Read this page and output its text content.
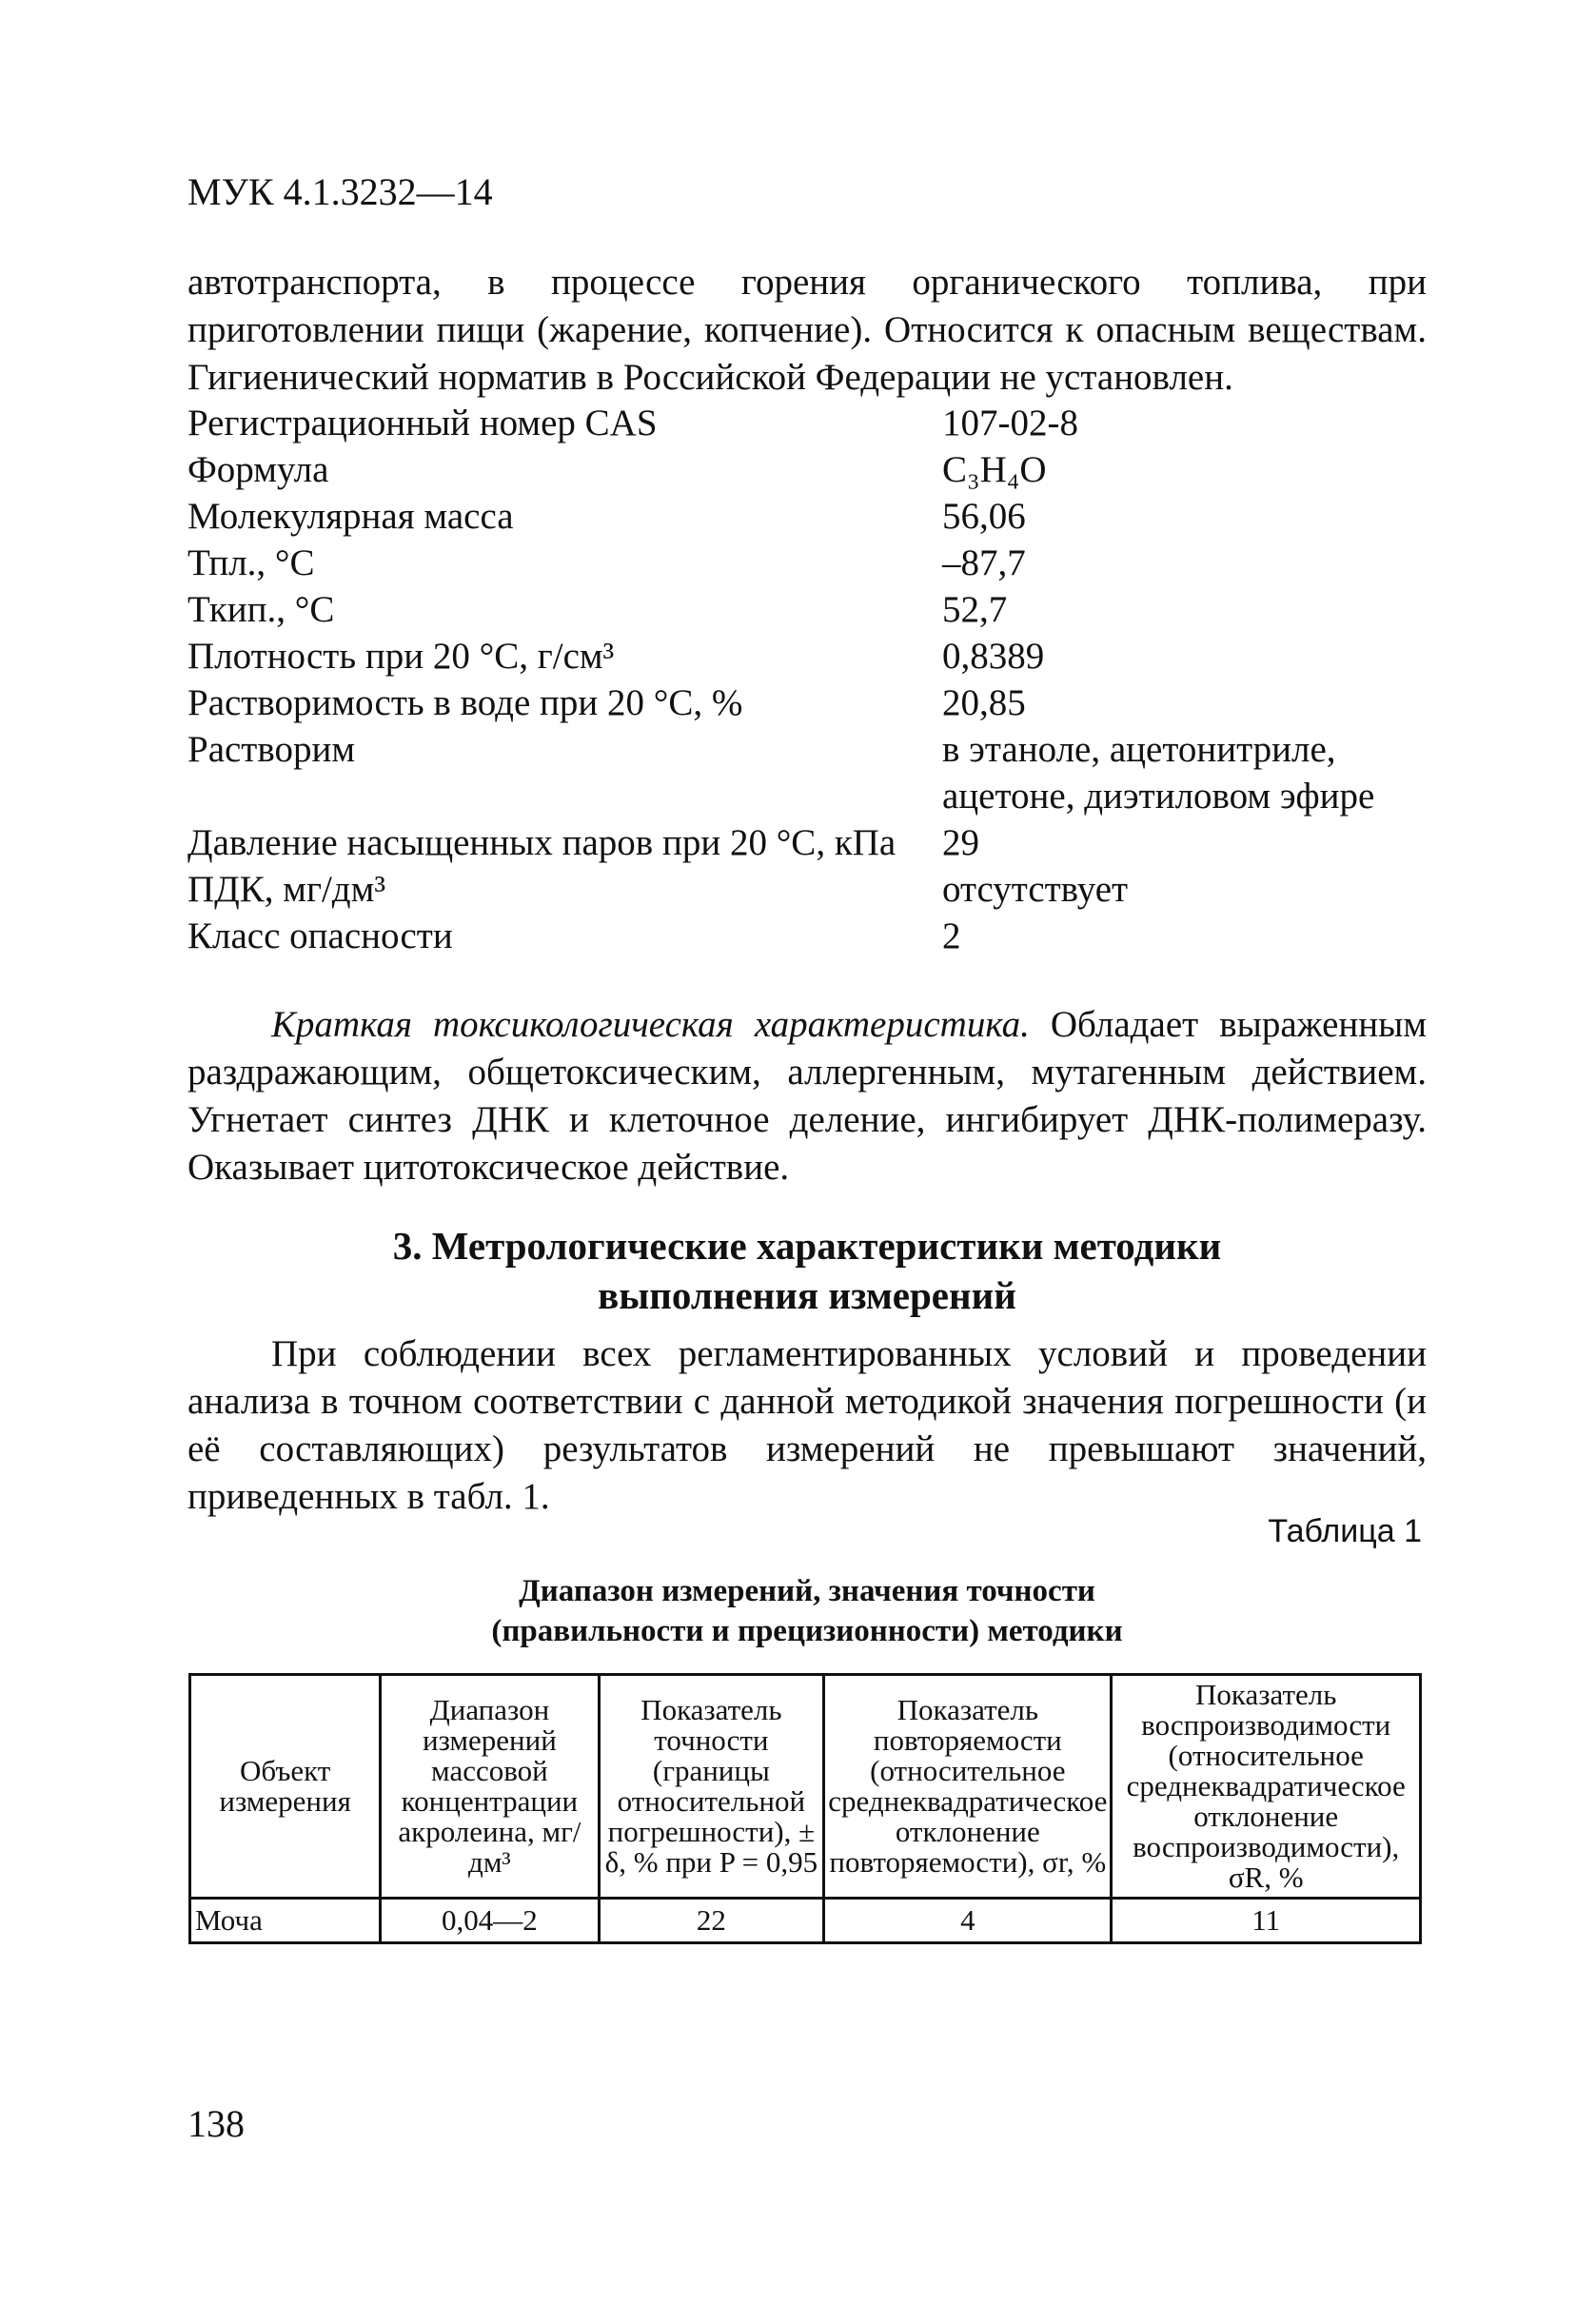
МУК 4.1.3232—14

автотранспорта, в процессе горения органического топлива, при приготовлении пищи (жарение, копчение). Относится к опасным веществам. Гигиенический норматив в Российской Федерации не установлен.

Регистрационный номер CAS	107-02-8
Формула	C₃H₄O
Молекулярная масса	56,06
Тпл., °C	–87,7
Ткип., °C	52,7
Плотность при 20 °C, г/см³	0,8389
Растворимость в воде при 20 °C, %	20,85
Растворим	в этаноле, ацетонитриле,
ацетоне, диэтиловом эфире
Давление насыщенных паров при 20 °C, кПа 29
ПДК, мг/дм³	отсутствует
Класс опасности	2

Краткая токсикологическая характеристика. Обладает выраженным раздражающим, общетоксическим, аллергенным, мутагенным действием. Угнетает синтез ДНК и клеточное деление, ингибирует ДНК-полимеразу. Оказывает цитотоксическое действие.

3. Метрологические характеристики методики
выполнения измерений

При соблюдении всех регламентированных условий и проведении анализа в точном соответствии с данной методикой значения погрешности (и её составляющих) результатов измерений не превышают значений, приведенных в табл. 1.

Таблица 1
Диапазон измерений, значения точности
(правильности и прецизионности) методики
Объект измерения	Диапазон измерений массовой концентрации акролеина, мг/дм³	Показатель точности (границы относительной погрешности), ± δ, % при P = 0,95	Показатель повторяемости (относительное среднеквадратическое отклонение повторяемости), σr, %	Показатель воспроизводимости (относительное среднеквадратическое отклонение воспроизводимости), σR, %
Моча	0,04—2	22	4	11
138
